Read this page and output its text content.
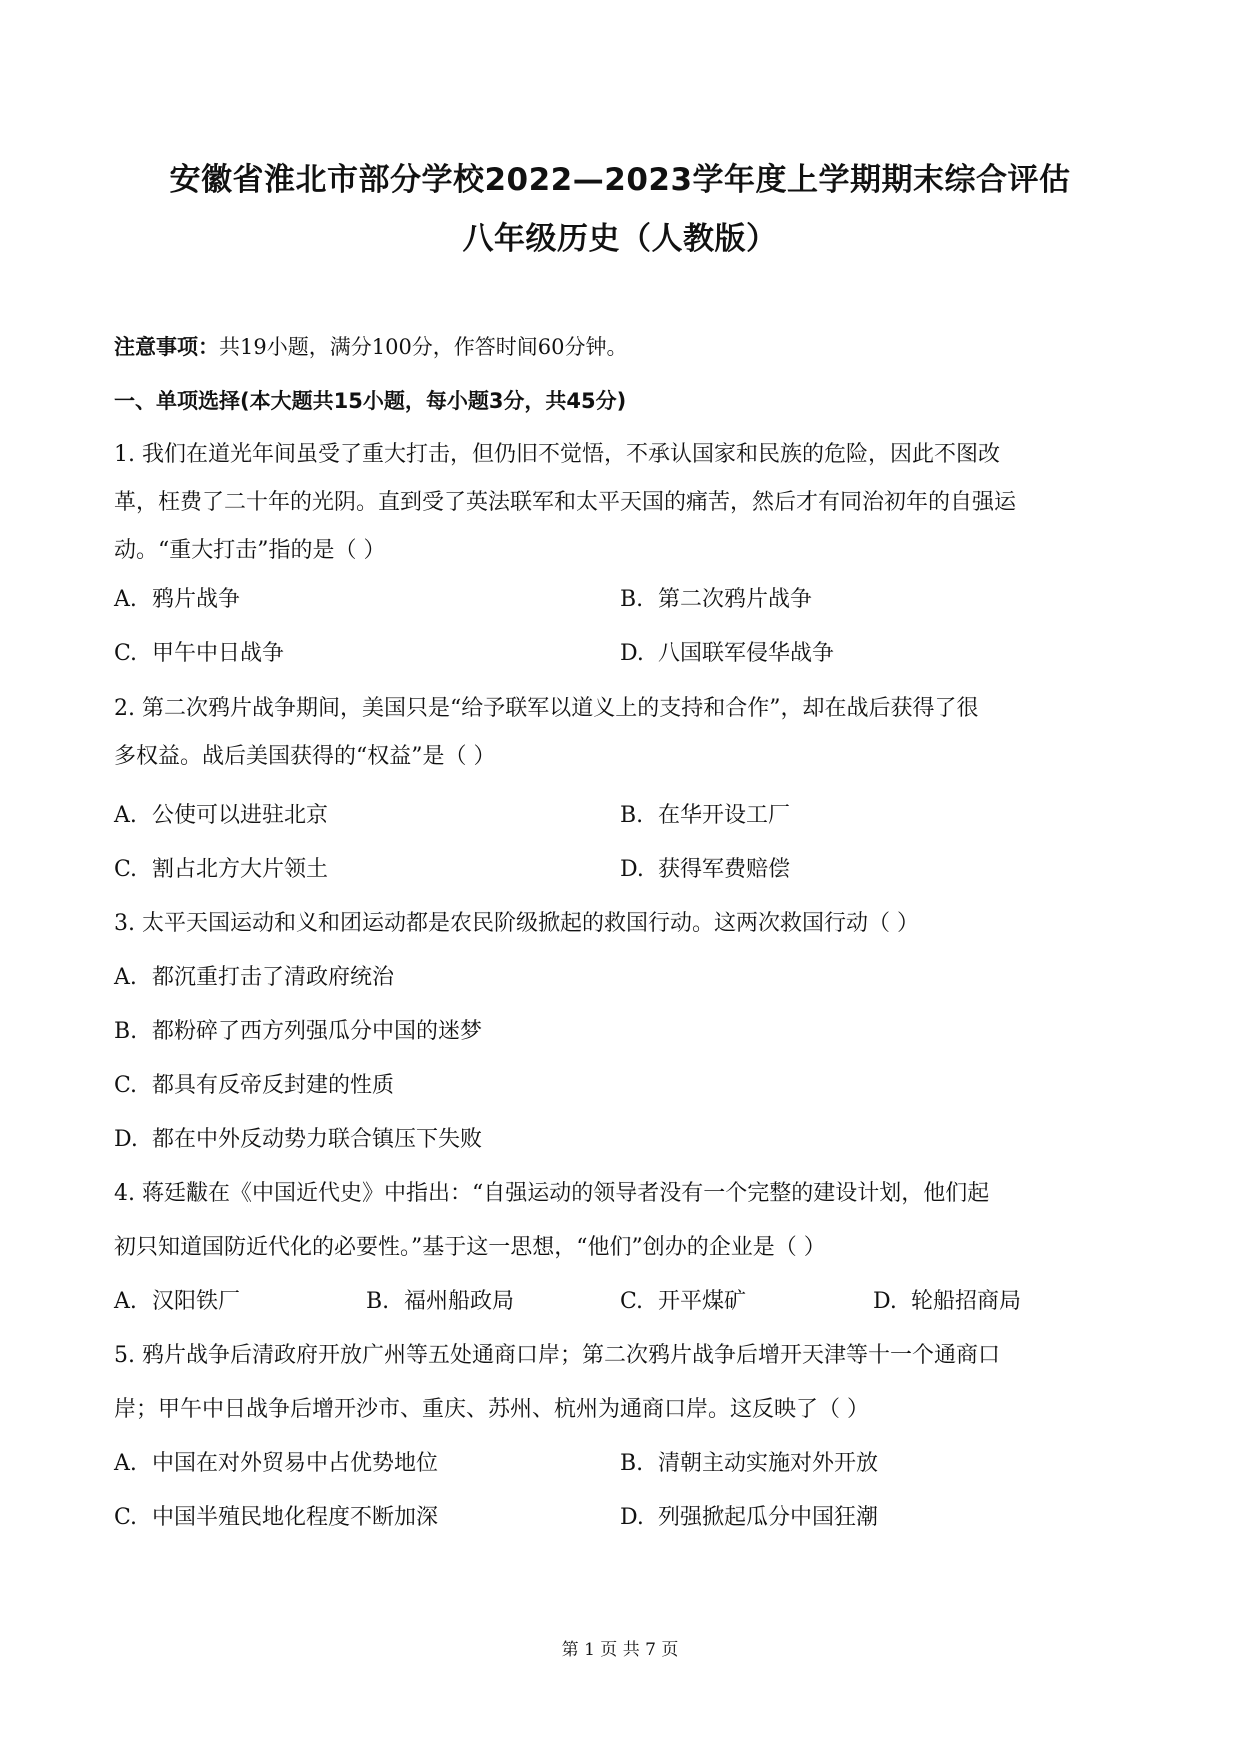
安徽省淮北市部分学校2022—2023学年度上学期期末综合评估
八年级历史（人教版）
注意事项：共19小题，满分100分，作答时间60分钟。
一、单项选择(本大题共15小题，每小题3分，共45分)
1. 我们在道光年间虽受了重大打击，但仍旧不觉悟，不承认国家和民族的危险，因此不图改
革，枉费了二十年的光阴。直到受了英法联军和太平天国的痛苦，然后才有同治初年的自强运
动。“重大打击”指的是（ ）
A. 鸦片战争	B. 第二次鸦片战争
C. 甲午中日战争	D. 八国联军侵华战争
2. 第二次鸦片战争期间，美国只是“给予联军以道义上的支持和合作”，却在战后获得了很
多权益。战后美国获得的“权益”是（ ）
A. 公使可以进驻北京	B. 在华开设工厂
C. 割占北方大片领土	D. 获得军费赔偿
3. 太平天国运动和义和团运动都是农民阶级掀起的救国行动。这两次救国行动（ ）
A. 都沉重打击了清政府统治
B. 都粉碎了西方列强瓜分中国的迷梦
C. 都具有反帝反封建的性质
D. 都在中外反动势力联合镇压下失败
4. 蒋廷黻在《中国近代史》中指出：“自强运动的领导者没有一个完整的建设计划，他们起
初只知道国防近代化的必要性。”基于这一思想，“他们”创办的企业是（ ）
A. 汉阳铁厂	B. 福州船政局	C. 开平煤矿	D. 轮船招商局
5. 鸦片战争后清政府开放广州等五处通商口岸；第二次鸦片战争后增开天津等十一个通商口
岸；甲午中日战争后增开沙市、重庆、苏州、杭州为通商口岸。这反映了（ ）
A. 中国在对外贸易中占优势地位	B. 清朝主动实施对外开放
C. 中国半殖民地化程度不断加深	D. 列强掀起瓜分中国狂潮
第 1 页 共 7 页
